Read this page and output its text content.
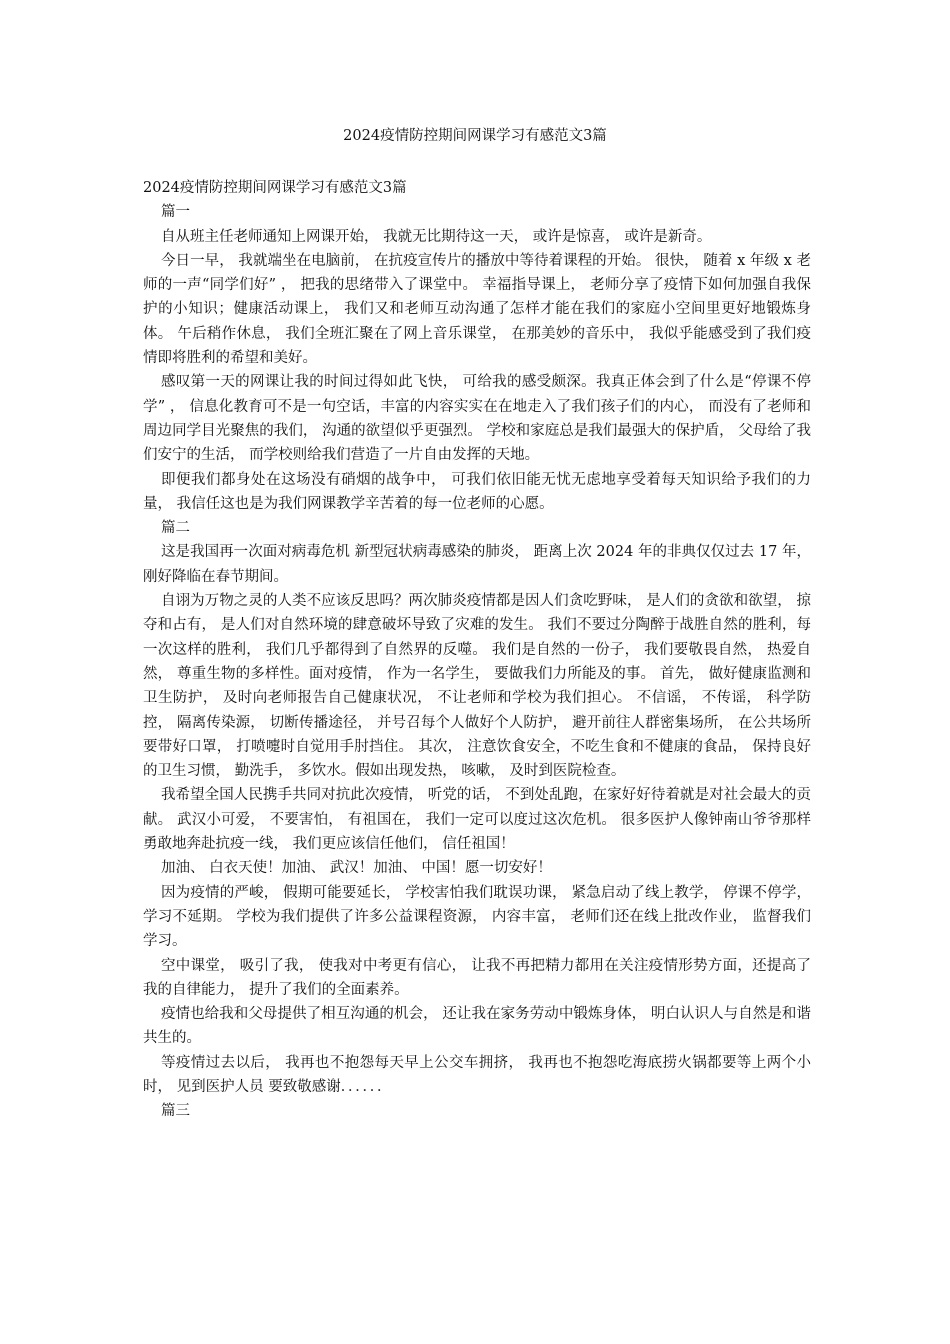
2024疫情防控期间网课学习有感范文3篇

2024疫情防控期间网课学习有感范文3篇

篇一

自从班主任老师通知上网课开始， 我就无比期待这一天， 或许是惊喜， 或许是新奇。

今日一早， 我就端坐在电脑前， 在抗疫宣传片的播放中等待着课程的开始。 很快， 随着 x 年级 x 老师的一声“同学们好” ， 把我的思绪带入了课堂中。 幸福指导课上， 老师分享了疫情下如何加强自我保护的小知识；健康活动课上， 我们又和老师互动沟通了怎样才能在我们的家庭小空间里更好地锻炼身体。 午后稍作休息， 我们全班汇聚在了网上音乐课堂， 在那美妙的音乐中， 我似乎能感受到了我们疫情即将胜利的希望和美好。

感叹第一天的网课让我的时间过得如此飞快， 可给我的感受颇深。我真正体会到了什么是“停课不停学” ， 信息化教育可不是一句空话，丰富的内容实实在在地走入了我们孩子们的内心， 而没有了老师和周边同学目光聚焦的我们， 沟通的欲望似乎更强烈。 学校和家庭总是我们最强大的保护盾， 父母给了我们安宁的生活， 而学校则给我们营造了一片自由发挥的天地。

即便我们都身处在这场没有硝烟的战争中， 可我们依旧能无忧无虑地享受着每天知识给予我们的力量， 我信任这也是为我们网课教学辛苦着的每一位老师的心愿。

篇二

这是我国再一次面对病毒危机 新型冠状病毒感染的肺炎， 距离上次 2024 年的非典仅仅过去 17 年， 刚好降临在春节期间。

自诩为万物之灵的人类不应该反思吗？两次肺炎疫情都是因人们贪吃野味， 是人们的贪欲和欲望， 掠夺和占有， 是人们对自然环境的肆意破坏导致了灾难的发生。 我们不要过分陶醉于战胜自然的胜利，每一次这样的胜利， 我们几乎都得到了自然界的反噬。 我们是自然的一份子， 我们要敬畏自然， 热爱自然， 尊重生物的多样性。面对疫情， 作为一名学生， 要做我们力所能及的事。 首先， 做好健康监测和卫生防护， 及时向老师报告自己健康状况， 不让老师和学校为我们担心。 不信谣， 不传谣， 科学防控， 隔离传染源， 切断传播途径， 并号召每个人做好个人防护， 避开前往人群密集场所， 在公共场所要带好口罩， 打喷嚏时自觉用手肘挡住。 其次， 注意饮食安全，不吃生食和不健康的食品， 保持良好的卫生习惯， 勤洗手， 多饮水。假如出现发热， 咳嗽， 及时到医院检查。

我希望全国人民携手共同对抗此次疫情， 听党的话， 不到处乱跑，在家好好待着就是对社会最大的贡献。 武汉小可爱， 不要害怕， 有祖国在， 我们一定可以度过这次危机。 很多医护人像钟南山爷爷那样勇敢地奔赴抗疫一线， 我们更应该信任他们， 信任祖国！

加油、 白衣天使！加油、 武汉！加油、 中国！愿一切安好！

因为疫情的严峻， 假期可能要延长， 学校害怕我们耽误功课， 紧急启动了线上教学， 停课不停学， 学习不延期。 学校为我们提供了许多公益课程资源， 内容丰富， 老师们还在线上批改作业， 监督我们学习。

空中课堂， 吸引了我， 使我对中考更有信心， 让我不再把精力都用在关注疫情形势方面，还提高了我的自律能力， 提升了我们的全面素养。

疫情也给我和父母提供了相互沟通的机会， 还让我在家务劳动中锻炼身体， 明白认识人与自然是和谐共生的。

等疫情过去以后， 我再也不抱怨每天早上公交车拥挤， 我再也不抱怨吃海底捞火锅都要等上两个小时， 见到医护人员 要致敬感谢．．．．．．

篇三
